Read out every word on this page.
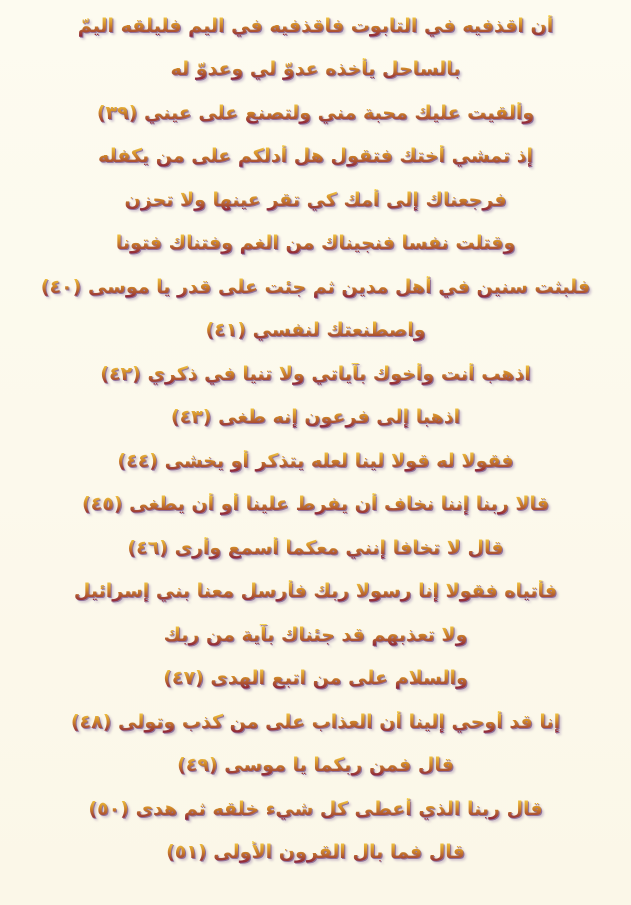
أن اقذفيه في التابوت فاقذفيه في اليم فليلقه اليمّ
بالساحل يأخذه عدوّ لي وعدوّ له
وألقيت عليك محبة مني ولتصنع على عيني (٣٩)
إذ تمشي أختك فتقول هل أدلكم على من يكفله
فرجعناك إلى أمك كي تقر عينها ولا تحزن
وقتلت نفسا فنجيناك من الغم وفتناك فتونا
فلبثت سنين في أهل مدين ثم جئت على قدر يا موسى (٤٠)
واصطنعتك لنفسي (٤١)
اذهب أنت وأخوك بآياتي ولا تنيا في ذكري (٤٢)
اذهبا إلى فرعون إنه طغى (٤٣)
فقولا له قولا لينا لعله يتذكر أو يخشى (٤٤)
قالا ربنا إننا نخاف أن يفرط علينا أو أن يطغى (٤٥)
قال لا تخافا إنني معكما أسمع وأرى (٤٦)
فأتياه فقولا إنا رسولا ربك فأرسل معنا بني إسرائيل
ولا تعذبهم قد جئناك بآية من ربك
والسلام على من اتبع الهدى (٤٧)
إنا قد أوحي إلينا أن العذاب على من كذب وتولى (٤٨)
قال فمن ربكما يا موسى (٤٩)
قال ربنا الذي أعطى كل شيء خلقه ثم هدى (٥٠)
قال فما بال القرون الأولى (٥١)
